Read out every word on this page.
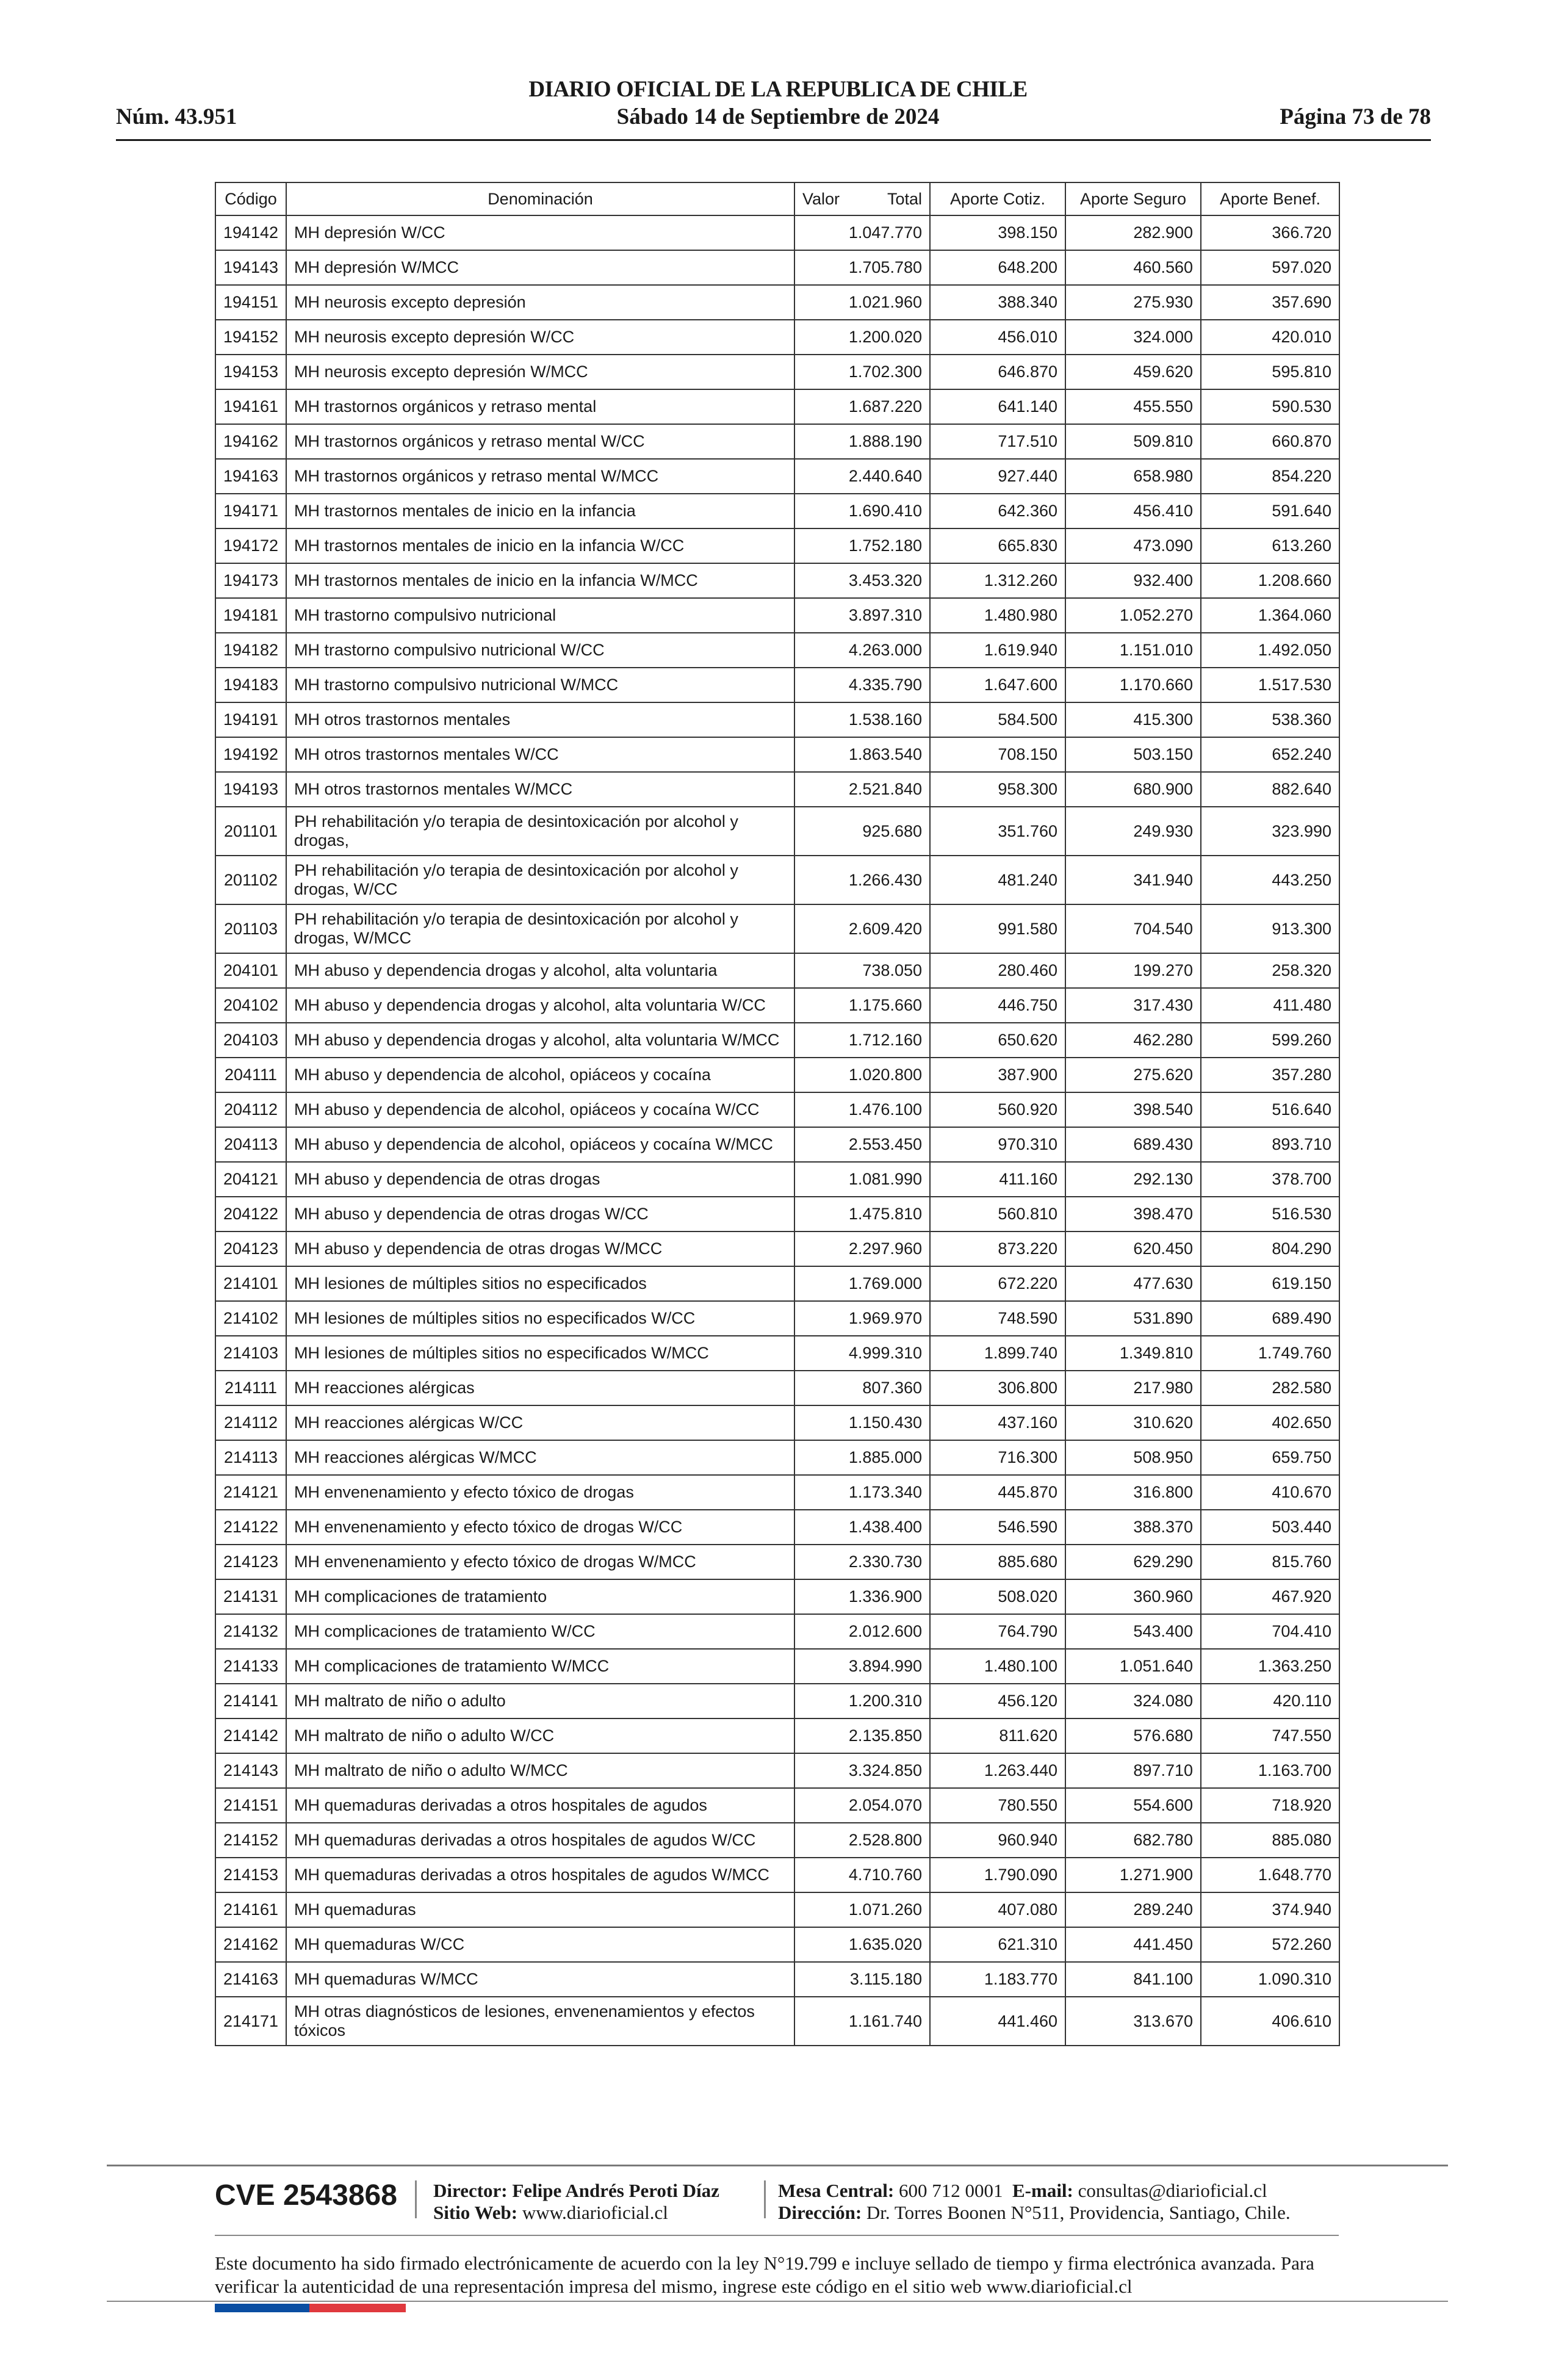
DIARIO OFICIAL DE LA REPUBLICA DE CHILE
Núm. 43.951	Sábado 14 de Septiembre de 2024	Página 73 de 78
Código	Denominación	Valor Total	Aporte Cotiz.	Aporte Seguro	Aporte Benef.
194142	MH depresión W/CC	1.047.770	398.150	282.900	366.720
194143	MH depresión W/MCC	1.705.780	648.200	460.560	597.020
194151	MH neurosis excepto depresión	1.021.960	388.340	275.930	357.690
194152	MH neurosis excepto depresión W/CC	1.200.020	456.010	324.000	420.010
194153	MH neurosis excepto depresión W/MCC	1.702.300	646.870	459.620	595.810
194161	MH trastornos orgánicos y retraso mental	1.687.220	641.140	455.550	590.530
194162	MH trastornos orgánicos y retraso mental W/CC	1.888.190	717.510	509.810	660.870
194163	MH trastornos orgánicos y retraso mental W/MCC	2.440.640	927.440	658.980	854.220
194171	MH trastornos mentales de inicio en la infancia	1.690.410	642.360	456.410	591.640
194172	MH trastornos mentales de inicio en la infancia W/CC	1.752.180	665.830	473.090	613.260
194173	MH trastornos mentales de inicio en la infancia W/MCC	3.453.320	1.312.260	932.400	1.208.660
194181	MH trastorno compulsivo nutricional	3.897.310	1.480.980	1.052.270	1.364.060
194182	MH trastorno compulsivo nutricional W/CC	4.263.000	1.619.940	1.151.010	1.492.050
194183	MH trastorno compulsivo nutricional W/MCC	4.335.790	1.647.600	1.170.660	1.517.530
194191	MH otros trastornos mentales	1.538.160	584.500	415.300	538.360
194192	MH otros trastornos mentales W/CC	1.863.540	708.150	503.150	652.240
194193	MH otros trastornos mentales W/MCC	2.521.840	958.300	680.900	882.640
201101	PH rehabilitación y/o terapia de desintoxicación por alcohol y drogas,	925.680	351.760	249.930	323.990
201102	PH rehabilitación y/o terapia de desintoxicación por alcohol y drogas, W/CC	1.266.430	481.240	341.940	443.250
201103	PH rehabilitación y/o terapia de desintoxicación por alcohol y drogas, W/MCC	2.609.420	991.580	704.540	913.300
204101	MH abuso y dependencia drogas y alcohol, alta voluntaria	738.050	280.460	199.270	258.320
204102	MH abuso y dependencia drogas y alcohol, alta voluntaria W/CC	1.175.660	446.750	317.430	411.480
204103	MH abuso y dependencia drogas y alcohol, alta voluntaria W/MCC	1.712.160	650.620	462.280	599.260
204111	MH abuso y dependencia de alcohol, opiáceos y cocaína	1.020.800	387.900	275.620	357.280
204112	MH abuso y dependencia de alcohol, opiáceos y cocaína W/CC	1.476.100	560.920	398.540	516.640
204113	MH abuso y dependencia de alcohol, opiáceos y cocaína W/MCC	2.553.450	970.310	689.430	893.710
204121	MH abuso y dependencia de otras drogas	1.081.990	411.160	292.130	378.700
204122	MH abuso y dependencia de otras drogas W/CC	1.475.810	560.810	398.470	516.530
204123	MH abuso y dependencia de otras drogas W/MCC	2.297.960	873.220	620.450	804.290
214101	MH lesiones de múltiples sitios no especificados	1.769.000	672.220	477.630	619.150
214102	MH lesiones de múltiples sitios no especificados W/CC	1.969.970	748.590	531.890	689.490
214103	MH lesiones de múltiples sitios no especificados W/MCC	4.999.310	1.899.740	1.349.810	1.749.760
214111	MH reacciones alérgicas	807.360	306.800	217.980	282.580
214112	MH reacciones alérgicas W/CC	1.150.430	437.160	310.620	402.650
214113	MH reacciones alérgicas W/MCC	1.885.000	716.300	508.950	659.750
214121	MH envenenamiento y efecto tóxico de drogas	1.173.340	445.870	316.800	410.670
214122	MH envenenamiento y efecto tóxico de drogas W/CC	1.438.400	546.590	388.370	503.440
214123	MH envenenamiento y efecto tóxico de drogas W/MCC	2.330.730	885.680	629.290	815.760
214131	MH complicaciones de tratamiento	1.336.900	508.020	360.960	467.920
214132	MH complicaciones de tratamiento W/CC	2.012.600	764.790	543.400	704.410
214133	MH complicaciones de tratamiento W/MCC	3.894.990	1.480.100	1.051.640	1.363.250
214141	MH maltrato de niño o adulto	1.200.310	456.120	324.080	420.110
214142	MH maltrato de niño o adulto W/CC	2.135.850	811.620	576.680	747.550
214143	MH maltrato de niño o adulto W/MCC	3.324.850	1.263.440	897.710	1.163.700
214151	MH quemaduras derivadas a otros hospitales de agudos	2.054.070	780.550	554.600	718.920
214152	MH quemaduras derivadas a otros hospitales de agudos W/CC	2.528.800	960.940	682.780	885.080
214153	MH quemaduras derivadas a otros hospitales de agudos W/MCC	4.710.760	1.790.090	1.271.900	1.648.770
214161	MH quemaduras	1.071.260	407.080	289.240	374.940
214162	MH quemaduras W/CC	1.635.020	621.310	441.450	572.260
214163	MH quemaduras W/MCC	3.115.180	1.183.770	841.100	1.090.310
214171	MH otras diagnósticos de lesiones, envenenamientos y efectos tóxicos	1.161.740	441.460	313.670	406.610
CVE 2543868 Director: Felipe Andrés Peroti Díaz
Sitio Web: www.diarioficial.cl
Mesa Central: 600 712 0001 E-mail: consultas@diarioficial.cl
Dirección: Dr. Torres Boonen N°511, Providencia, Santiago, Chile.
Este documento ha sido firmado electrónicamente de acuerdo con la ley N°19.799 e incluye sellado de tiempo y firma electrónica avanzada. Para verificar la autenticidad de una representación impresa del mismo, ingrese este código en el sitio web www.diarioficial.cl
